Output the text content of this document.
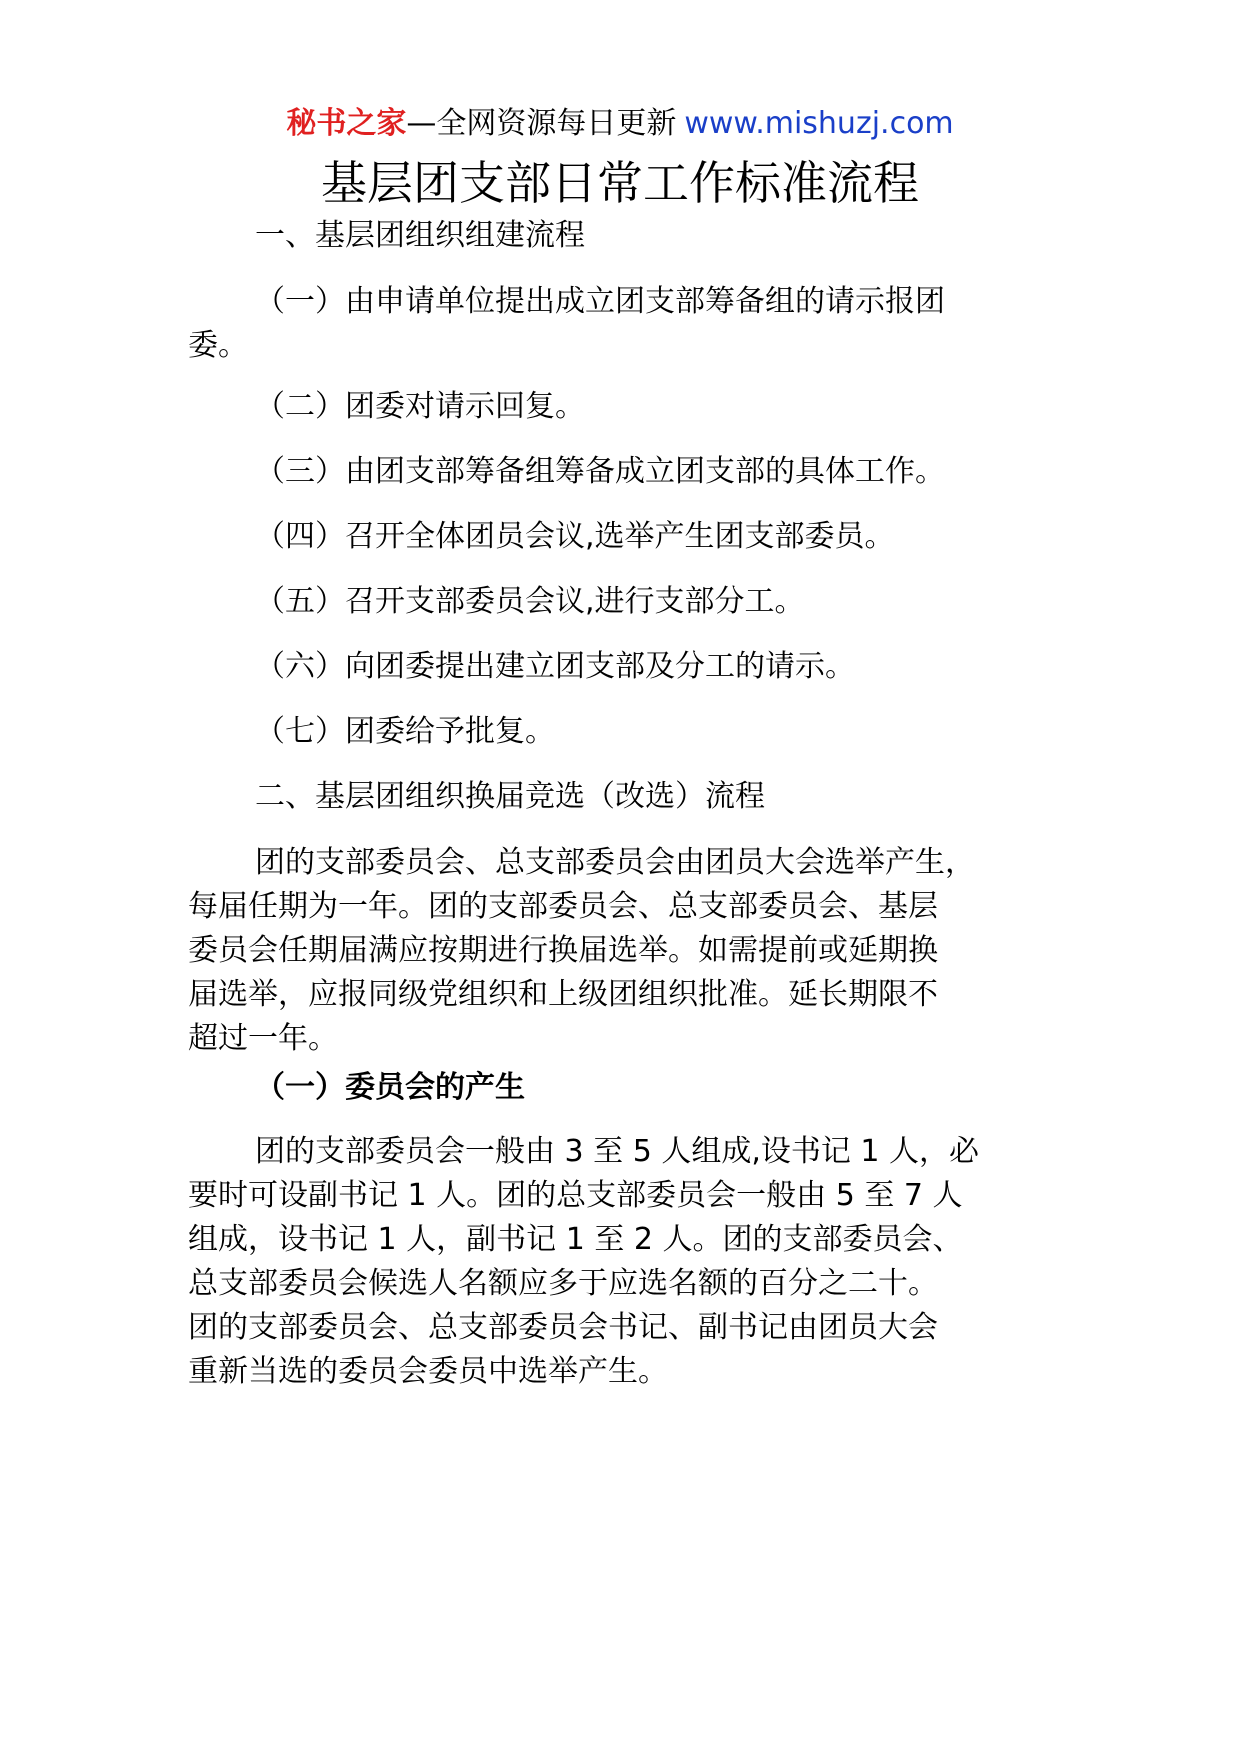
秘书之家—全网资源每日更新 www.mishuzj.com
基层团支部日常工作标准流程
一、基层团组织组建流程
（一）由申请单位提出成立团支部筹备组的请示报团
委。
（二）团委对请示回复。
（三）由团支部筹备组筹备成立团支部的具体工作。
（四）召开全体团员会议,选举产生团支部委员。
（五）召开支部委员会议,进行支部分工。
（六）向团委提出建立团支部及分工的请示。
（七）团委给予批复。
二、基层团组织换届竞选（改选）流程
团的支部委员会、总支部委员会由团员大会选举产生，
每届任期为一年。团的支部委员会、总支部委员会、基层
委员会任期届满应按期进行换届选举。如需提前或延期换
届选举，应报同级党组织和上级团组织批准。延长期限不
超过一年。
（一）委员会的产生
团的支部委员会一般由 3 至 5 人组成,设书记 1 人，必
要时可设副书记 1 人。团的总支部委员会一般由 5 至 7 人
组成，设书记 1 人，副书记 1 至 2 人。团的支部委员会、
总支部委员会候选人名额应多于应选名额的百分之二十。
团的支部委员会、总支部委员会书记、副书记由团员大会
重新当选的委员会委员中选举产生。
